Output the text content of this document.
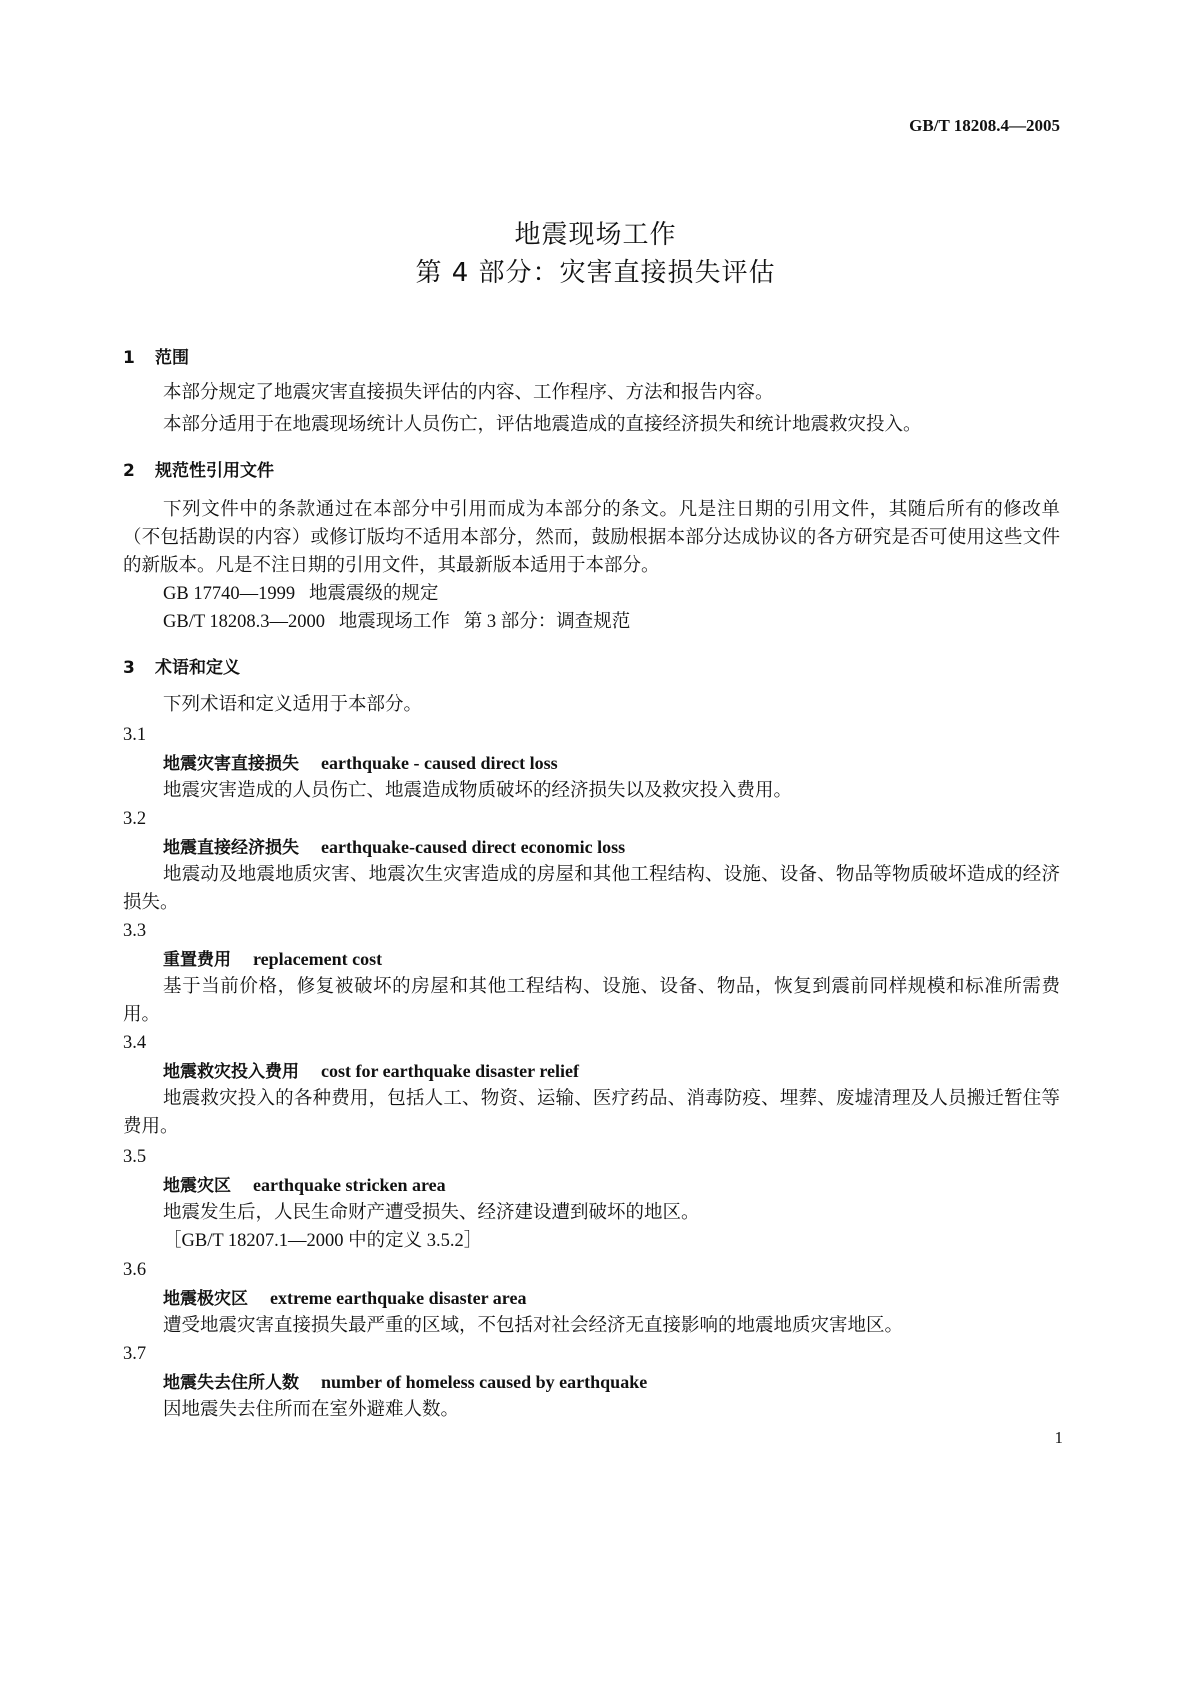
GB/T 18208.4—2005
地震现场工作
第 4 部分：灾害直接损失评估
1 范围
本部分规定了地震灾害直接损失评估的内容、工作程序、方法和报告内容。
本部分适用于在地震现场统计人员伤亡，评估地震造成的直接经济损失和统计地震救灾投入。
2 规范性引用文件
下列文件中的条款通过在本部分中引用而成为本部分的条文。凡是注日期的引用文件，其随后所有的修改单（不包括勘误的内容）或修订版均不适用本部分，然而，鼓励根据本部分达成协议的各方研究是否可使用这些文件的新版本。凡是不注日期的引用文件，其最新版本适用于本部分。
GB 17740—1999   地震震级的规定
GB/T 18208.3—2000   地震现场工作   第 3 部分：调查规范
3 术语和定义
下列术语和定义适用于本部分。
3.1
地震灾害直接损失 earthquake - caused direct loss
地震灾害造成的人员伤亡、地震造成物质破坏的经济损失以及救灾投入费用。
3.2
地震直接经济损失 earthquake-caused direct economic loss
地震动及地震地质灾害、地震次生灾害造成的房屋和其他工程结构、设施、设备、物品等物质破坏造成的经济损失。
3.3
重置费用 replacement cost
基于当前价格，修复被破坏的房屋和其他工程结构、设施、设备、物品，恢复到震前同样规模和标准所需费用。
3.4
地震救灾投入费用 cost for earthquake disaster relief
地震救灾投入的各种费用，包括人工、物资、运输、医疗药品、消毒防疫、埋葬、废墟清理及人员搬迁暂住等费用。
3.5
地震灾区 earthquake stricken area
地震发生后，人民生命财产遭受损失、经济建设遭到破坏的地区。
［GB/T 18207.1—2000 中的定义 3.5.2］
3.6
地震极灾区 extreme earthquake disaster area
遭受地震灾害直接损失最严重的区域，不包括对社会经济无直接影响的地震地质灾害地区。
3.7
地震失去住所人数 number of homeless caused by earthquake
因地震失去住所而在室外避难人数。
1
